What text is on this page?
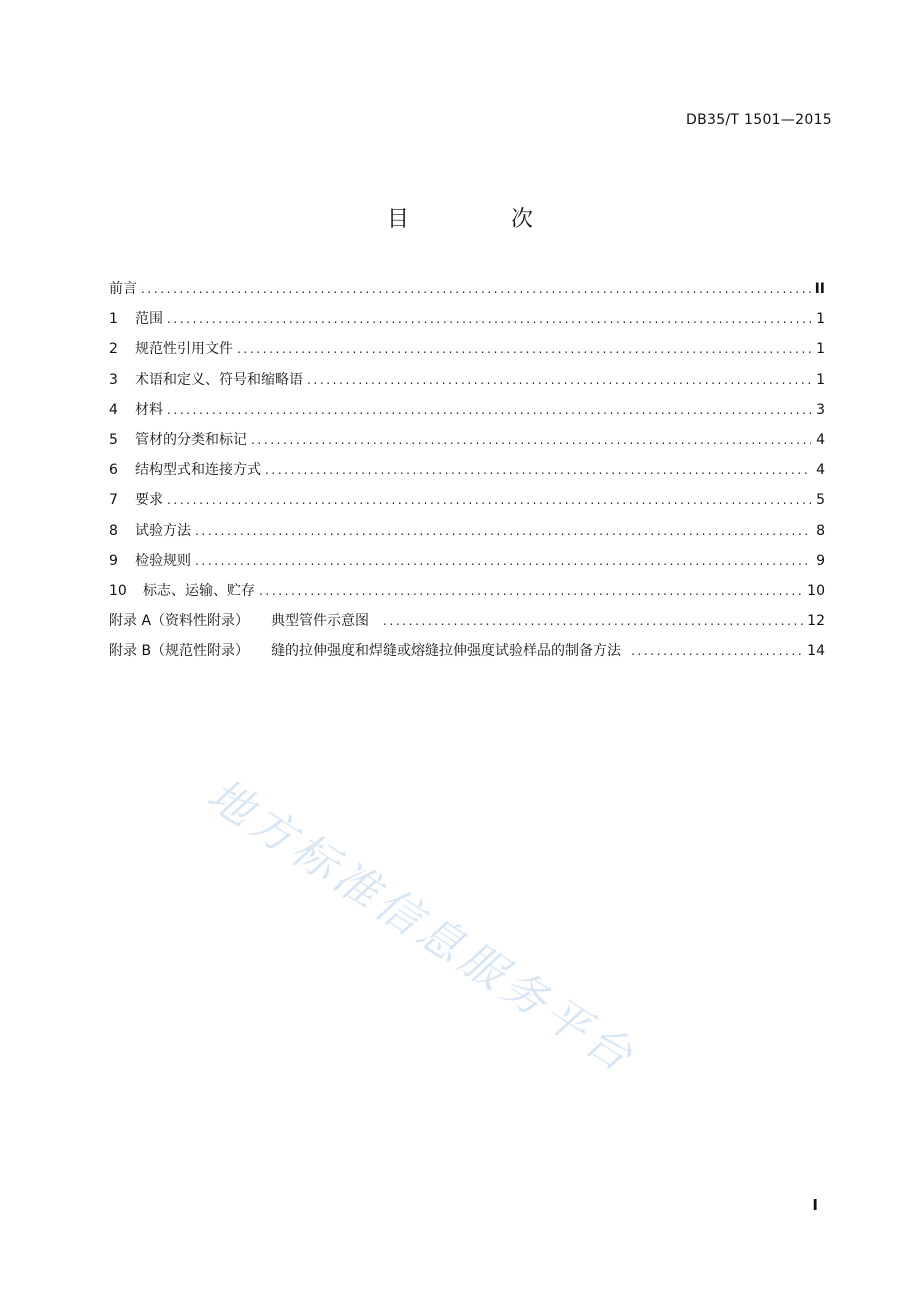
DB35/T 1501—2015
目　次
前言 .....	II
1	范围 .....	1
2	规范性引用文件 .....	1
3	术语和定义、符号和缩略语 .....	1
4	材料 .....	3
5	管材的分类和标记 .....	4
6	结构型式和连接方式 .....	4
7	要求 .....	5
8	试验方法 .....	8
9	检验规则 .....	9
10	标志、运输、贮存 .....	10
附录 A（资料性附录） 典型管件示意图 .....	12
附录 B（规范性附录） 缝的拉伸强度和焊缝或熔缝拉伸强度试验样品的制备方法 .....	14
地方标准信息服务平台
I
